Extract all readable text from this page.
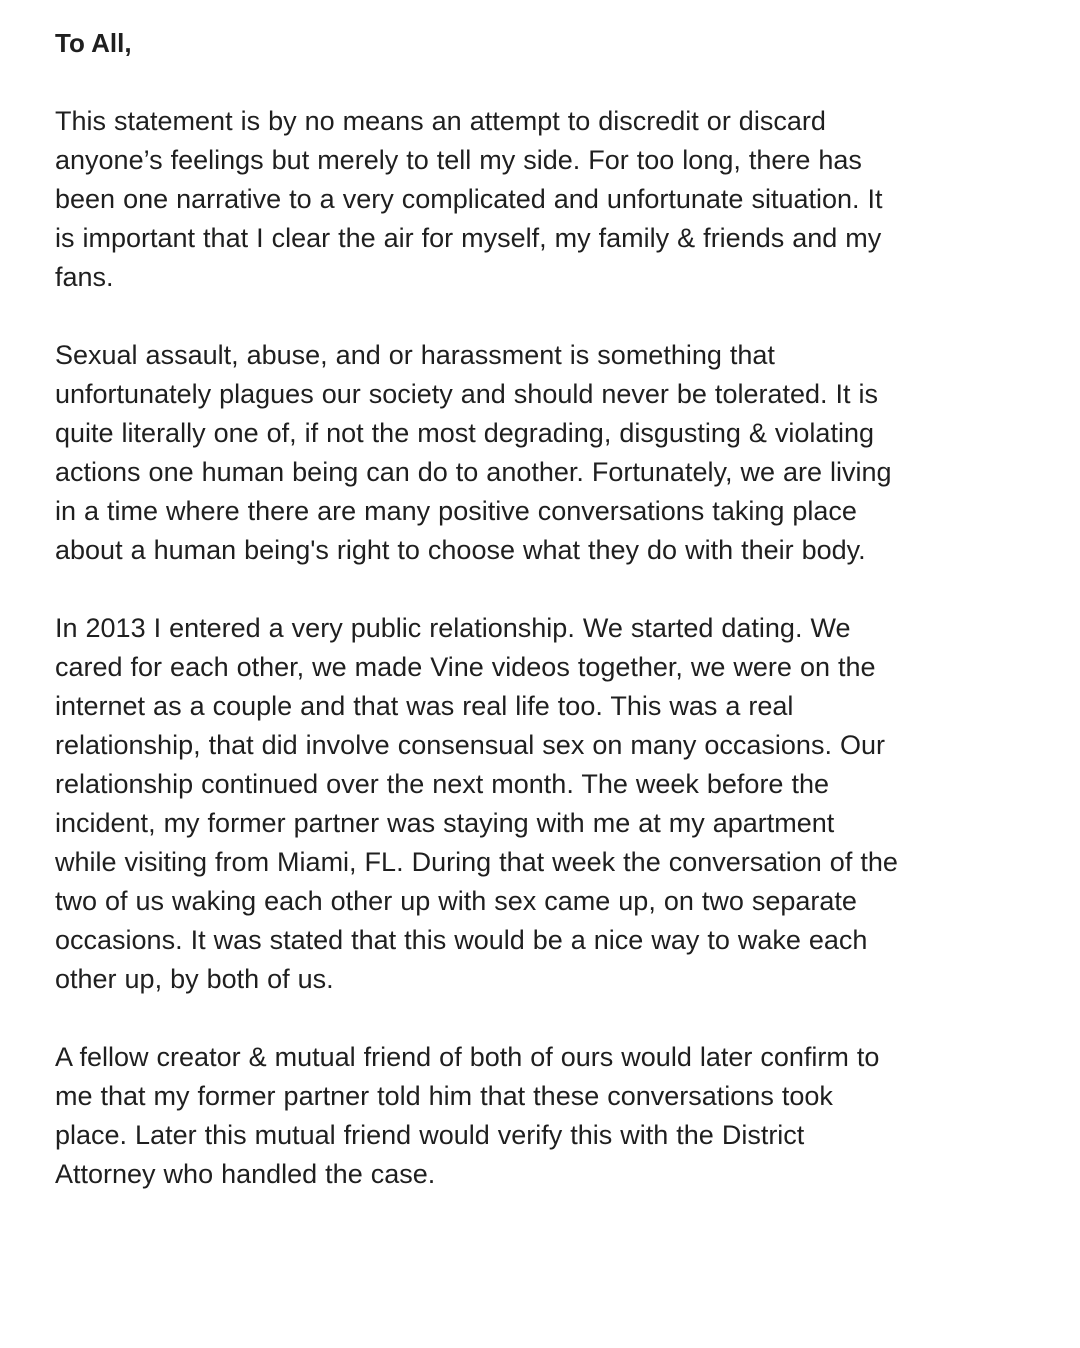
To All,
This statement is by no means an attempt to discredit or discard
anyone’s feelings but merely to tell my side. For too long, there has
been one narrative to a very complicated and unfortunate situation. It
is important that I clear the air for myself, my family & friends and my
fans.
Sexual assault, abuse, and or harassment is something that
unfortunately plagues our society and should never be tolerated. It is
quite literally one of, if not the most degrading, disgusting & violating
actions one human being can do to another. Fortunately, we are living
in a time where there are many positive conversations taking place
about a human being's right to choose what they do with their body.
In 2013 I entered a very public relationship. We started dating. We
cared for each other, we made Vine videos together, we were on the
internet as a couple and that was real life too. This was a real
relationship, that did involve consensual sex on many occasions. Our
relationship continued over the next month. The week before the
incident, my former partner was staying with me at my apartment
while visiting from Miami, FL. During that week the conversation of the
two of us waking each other up with sex came up, on two separate
occasions. It was stated that this would be a nice way to wake each
other up, by both of us.
A fellow creator & mutual friend of both of ours would later confirm to
me that my former partner told him that these conversations took
place. Later this mutual friend would verify this with the District
Attorney who handled the case.
